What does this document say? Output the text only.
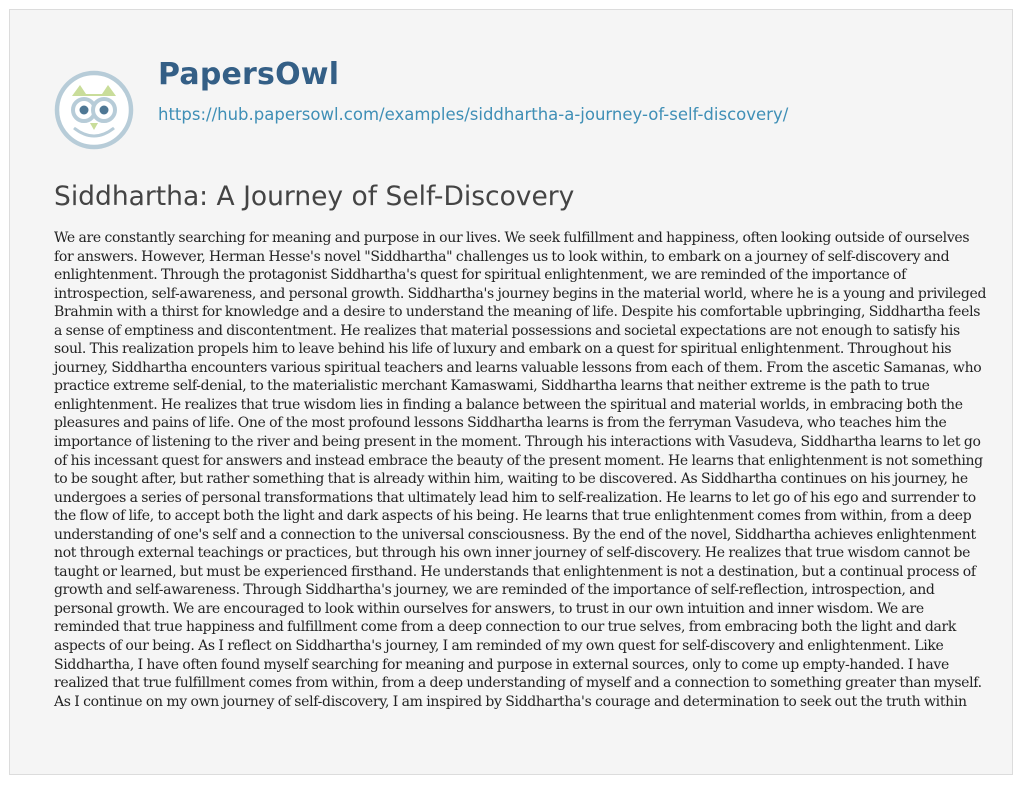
PapersOwl
https://hub.papersowl.com/examples/siddhartha-a-journey-of-self-discovery/
Siddhartha: A Journey of Self-Discovery

We are constantly searching for meaning and purpose in our lives. We seek fulfillment and happiness, often looking outside of ourselves for answers. However, Herman Hesse's novel "Siddhartha" challenges us to look within, to embark on a journey of self-discovery and enlightenment. Through the protagonist Siddhartha's quest for spiritual enlightenment, we are reminded of the importance of introspection, self-awareness, and personal growth. Siddhartha's journey begins in the material world, where he is a young and privileged Brahmin with a thirst for knowledge and a desire to understand the meaning of life. Despite his comfortable upbringing, Siddhartha feels a sense of emptiness and discontentment. He realizes that material possessions and societal expectations are not enough to satisfy his soul. This realization propels him to leave behind his life of luxury and embark on a quest for spiritual enlightenment. Throughout his journey, Siddhartha encounters various spiritual teachers and learns valuable lessons from each of them. From the ascetic Samanas, who practice extreme self-denial, to the materialistic merchant Kamaswami, Siddhartha learns that neither extreme is the path to true enlightenment. He realizes that true wisdom lies in finding a balance between the spiritual and material worlds, in embracing both the pleasures and pains of life. One of the most profound lessons Siddhartha learns is from the ferryman Vasudeva, who teaches him the importance of listening to the river and being present in the moment. Through his interactions with Vasudeva, Siddhartha learns to let go of his incessant quest for answers and instead embrace the beauty of the present moment. He learns that enlightenment is not something to be sought after, but rather something that is already within him, waiting to be discovered. As Siddhartha continues on his journey, he undergoes a series of personal transformations that ultimately lead him to self-realization. He learns to let go of his ego and surrender to the flow of life, to accept both the light and dark aspects of his being. He learns that true enlightenment comes from within, from a deep understanding of one's self and a connection to the universal consciousness. By the end of the novel, Siddhartha achieves enlightenment not through external teachings or practices, but through his own inner journey of self-discovery. He realizes that true wisdom cannot be taught or learned, but must be experienced firsthand. He understands that enlightenment is not a destination, but a continual process of growth and self-awareness. Through Siddhartha's journey, we are reminded of the importance of self-reflection, introspection, and personal growth. We are encouraged to look within ourselves for answers, to trust in our own intuition and inner wisdom. We are reminded that true happiness and fulfillment come from a deep connection to our true selves, from embracing both the light and dark aspects of our being. As I reflect on Siddhartha's journey, I am reminded of my own quest for self-discovery and enlightenment. Like Siddhartha, I have often found myself searching for meaning and purpose in external sources, only to come up empty-handed. I have realized that true fulfillment comes from within, from a deep understanding of myself and a connection to something greater than myself. As I continue on my own journey of self-discovery, I am inspired by Siddhartha's courage and determination to seek out the truth within
